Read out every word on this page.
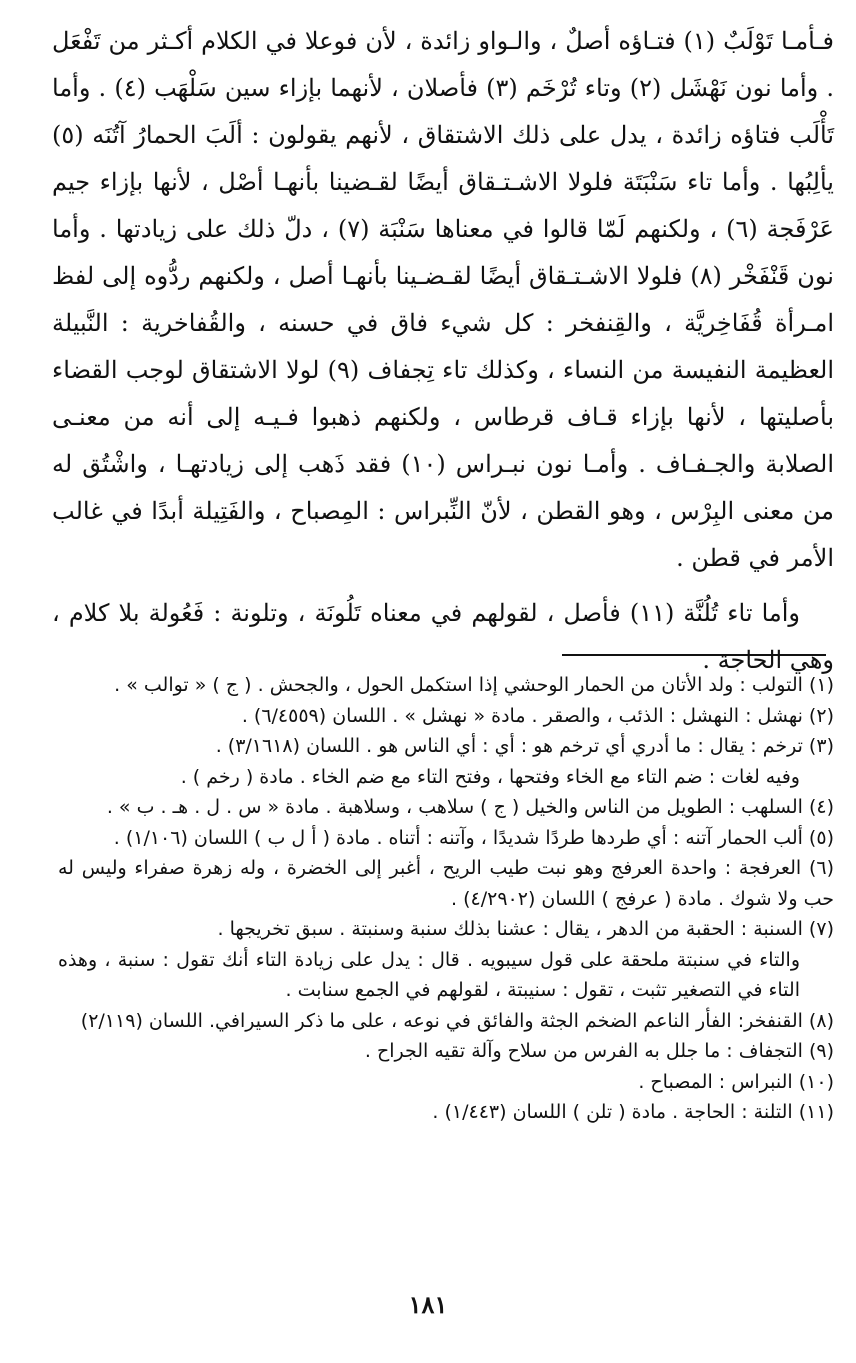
فـأمـا تَوْلَبٌ (١) فتـاؤه أصلٌ ، والـواو زائدة ، لأن فوعلا في الكلام أكـثر من تَفْعَل . وأما نون نَهْشَل (٢) وتاء تُرْخَم (٣) فأصلان ، لأنهما بإزاء سين سَلْهَب (٤) . وأما تَأْلَب فتاؤه زائدة ، يدل على ذلك الاشتقاق ، لأنهم يقولون : ألَبَ الحمارُ آتُنَه (٥) يألِبُها . وأما تاء سَنْبَتَة فلولا الاشـتـقاق أيضًا لقـضينا بأنهـا أصْل ، لأنها بإزاء جيم عَرْفَجة (٦) ، ولكنهم لَمّا قالوا في معناها سَنْبَة (٧) ، دلّ ذلك على زيادتها . وأما نون قَنْفَخْر (٨) فلولا الاشـتـقاق أيضًا لقـضـينا بأنهـا أصل ، ولكنهم ردُّوه إلى لفظ امـرأة قُفَاخِريَّة ، والقِنفخر : كل شيء فاق في حسنه ، والقُفاخرية : النَّبيلة العظيمة النفيسة من النساء ، وكذلك تاء تِجفاف (٩) لولا الاشتقاق لوجب القضاء بأصليتها ، لأنها بإزاء قـاف قرطاس ، ولكنهم ذهبوا فـيـه إلى أنه من معنـى الصلابة والجـفـاف . وأمـا نون نبـراس (١٠) فقد ذَهب إلى زيادتهـا ، واشْتُق له من معنى البِرْس ، وهو القطن ، لأنّ النِّبراس : المِصباح ، والفَتِيلة أبدًا في غالب الأمر في قطن .

وأما تاء تُلُنَّة (١١) فأصل ، لقولهم في معناه تَلُونَة ، وتلونة : فَعُولة بلا كلام ، وهي الحاجة .

(١) التولب : ولد الأتان من الحمار الوحشي إذا استكمل الحول ، والجحش . ( ج ) « توالب » .

(٢) نهشل : النهشل : الذئب ، والصقر . مادة « نهشل » . اللسان (٦/٤٥٥٩) .

(٣) ترخم : يقال : ما أدري أي ترخم هو : أي : أي الناس هو . اللسان (٣/١٦١٨) .

وفيه لغات : ضم التاء مع الخاء وفتحها ، وفتح التاء مع ضم الخاء . مادة ( رخم ) .

(٤) السلهب : الطويل من الناس والخيل ( ج ) سلاهب ، وسلاهبة . مادة « س . ل . هـ . ب » .

(٥) ألب الحمار آتنه : أي طردها طردًا شديدًا ، وآتنه : أتناه . مادة ( أ ل ب ) اللسان (١/١٠٦) .

(٦) العرفجة : واحدة العرفج وهو نبت طيب الريح ، أغبر إلى الخضرة ، وله زهرة صفراء وليس له حب ولا شوك . مادة ( عرفج ) اللسان (٤/٢٩٠٢) .

(٧) السنبة : الحقبة من الدهر ، يقال : عشنا بذلك سنبة وسنبتة . سبق تخريجها .

والتاء في سنبتة ملحقة على قول سيبويه . قال : يدل على زيادة التاء أنك تقول : سنبة ، وهذه التاء في التصغير تثبت ، تقول : سنيبتة ، لقولهم في الجمع سنابت .

(٨) القنفخر: الفأر الناعم الضخم الجثة والفائق في نوعه ، على ما ذكر السيرافي. اللسان (٢/١١٩)

(٩) التجفاف : ما جلل به الفرس من سلاح وآلة تقيه الجراح .

(١٠) النبراس : المصباح .

(١١) التلنة : الحاجة . مادة ( تلن ) اللسان (١/٤٤٣) .

١٨١
